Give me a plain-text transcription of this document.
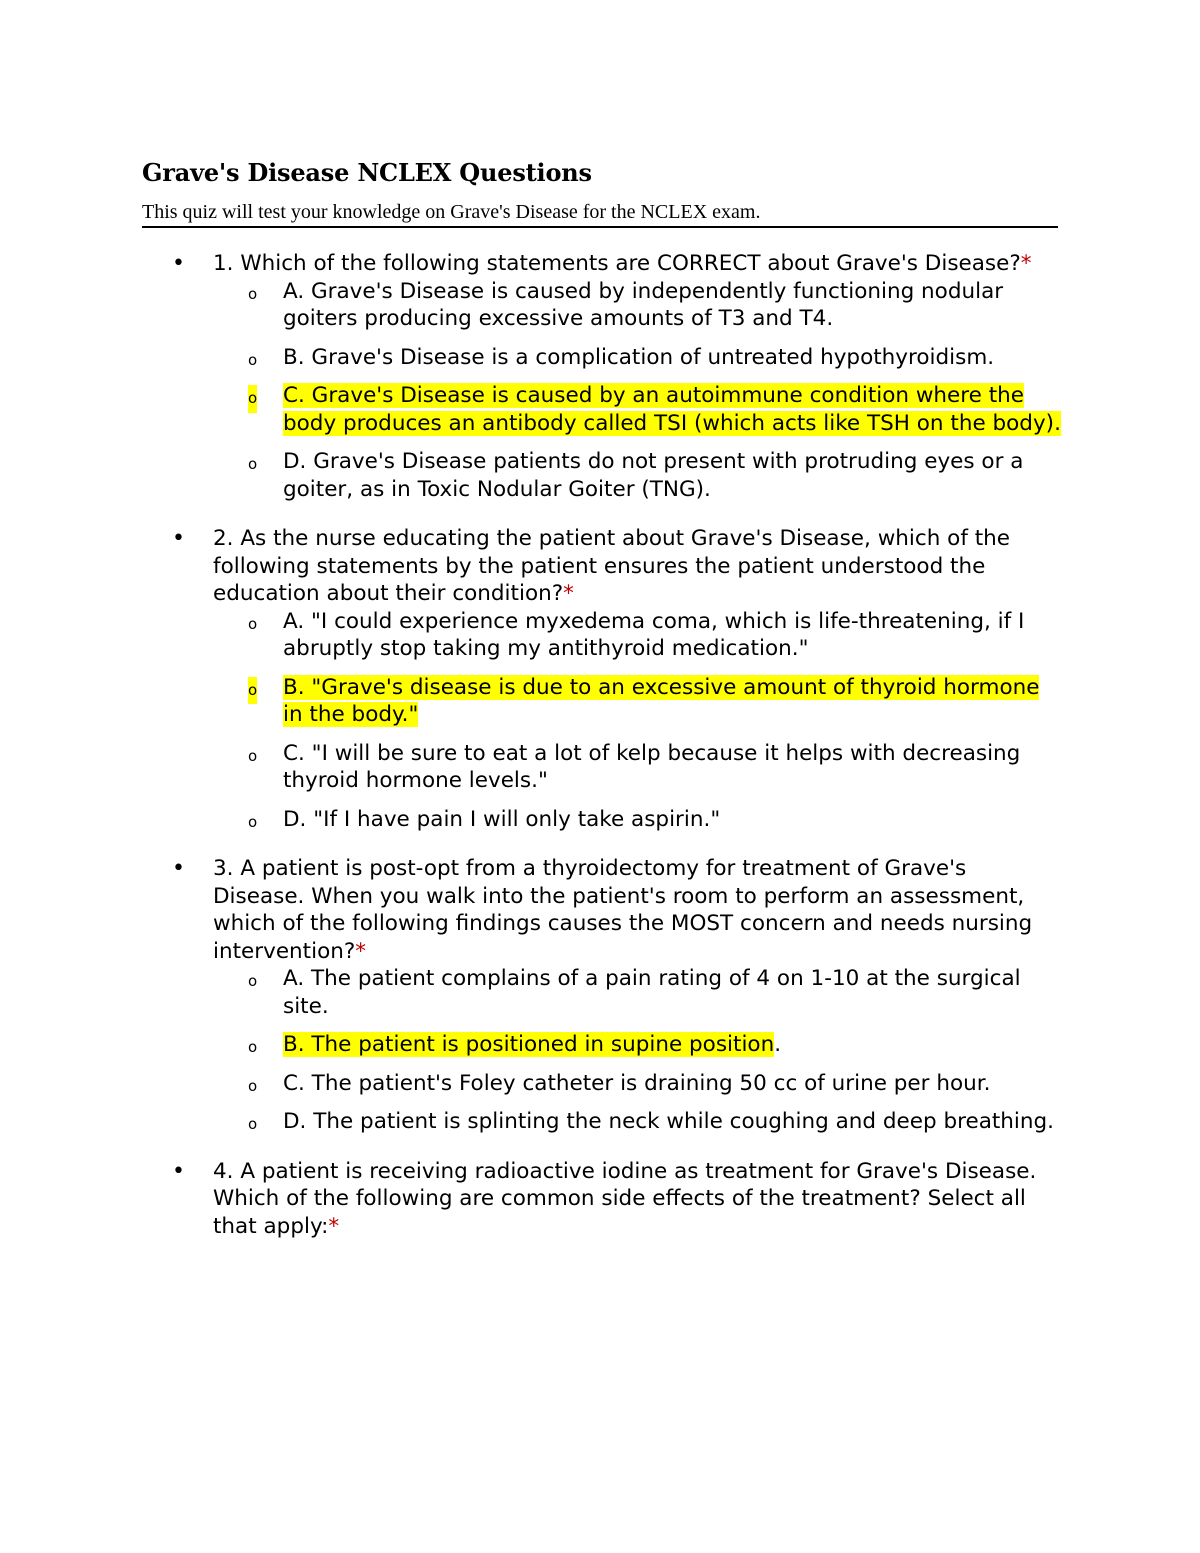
Grave's Disease NCLEX Questions
This quiz will test your knowledge on Grave's Disease for the NCLEX exam.
• 1. Which of the following statements are CORRECT about Grave's Disease?*
o A. Grave's Disease is caused by independently functioning nodular goiters producing excessive amounts of T3 and T4.
o B. Grave's Disease is a complication of untreated hypothyroidism.
o C. Grave's Disease is caused by an autoimmune condition where the body produces an antibody called TSI (which acts like TSH on the body).
o D. Grave's Disease patients do not present with protruding eyes or a goiter, as in Toxic Nodular Goiter (TNG).
• 2. As the nurse educating the patient about Grave's Disease, which of the following statements by the patient ensures the patient understood the education about their condition?*
o A. "I could experience myxedema coma, which is life-threatening, if I abruptly stop taking my antithyroid medication."
o B. "Grave's disease is due to an excessive amount of thyroid hormone in the body."
o C. "I will be sure to eat a lot of kelp because it helps with decreasing thyroid hormone levels."
o D. "If I have pain I will only take aspirin."
• 3. A patient is post-opt from a thyroidectomy for treatment of Grave's Disease. When you walk into the patient's room to perform an assessment, which of the following findings causes the MOST concern and needs nursing intervention?*
o A. The patient complains of a pain rating of 4 on 1-10 at the surgical site.
o B. The patient is positioned in supine position.
o C. The patient's Foley catheter is draining 50 cc of urine per hour.
o D. The patient is splinting the neck while coughing and deep breathing.
• 4. A patient is receiving radioactive iodine as treatment for Grave's Disease. Which of the following are common side effects of the treatment? Select all that apply:*
